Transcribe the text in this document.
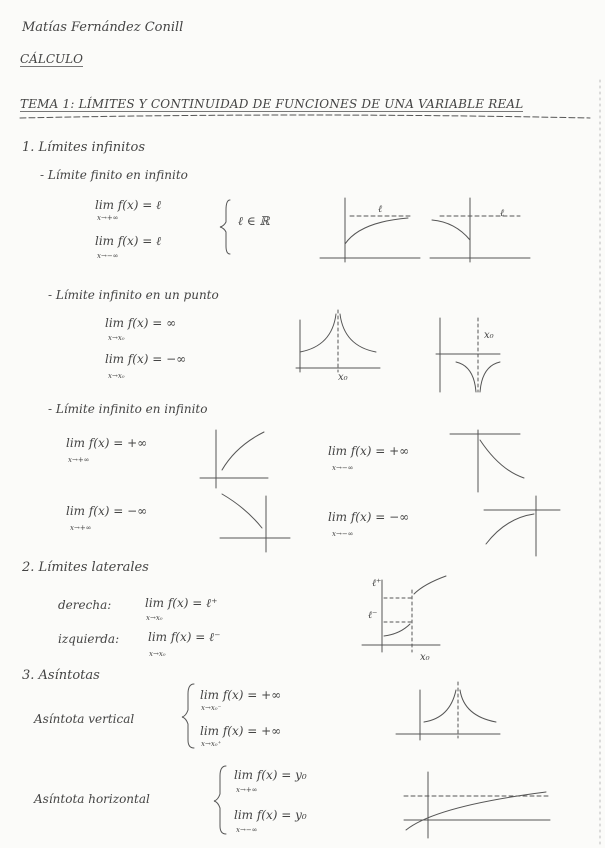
Matías Fernández Conill
CÁLCULO
TEMA 1: LÍMITES Y CONTINUIDAD DE FUNCIONES DE UNA VARIABLE REAL
1. Límites infinitos
- Límite finito en infinito
lim f(x) = ℓ
x→+∞
lim f(x) = ℓ
x→−∞
ℓ ∈ ℝ
ℓ	ℓ
- Límite infinito en un punto
lim f(x) = ∞
x→x₀
lim f(x) = −∞
x→x₀	x₀
x₀
- Límite infinito en infinito
lim f(x) = +∞
x→+∞
lim f(x) = −∞
x→+∞
lim f(x) = +∞
x→−∞
lim f(x) = −∞
x→−∞
2. Límites laterales
derecha:	lim f(x) = ℓ⁺
x→x₀
izquierda: lim f(x) = ℓ⁻
x→x₀
ℓ⁺
ℓ⁻
x₀
3. Asíntotas
Asíntota vertical
lim f(x) = +∞
x→x₀⁻
lim f(x) = +∞
x→x₀⁺
Asíntota horizontal
lim f(x) = y₀
x→+∞
lim f(x) = y₀
x→−∞
